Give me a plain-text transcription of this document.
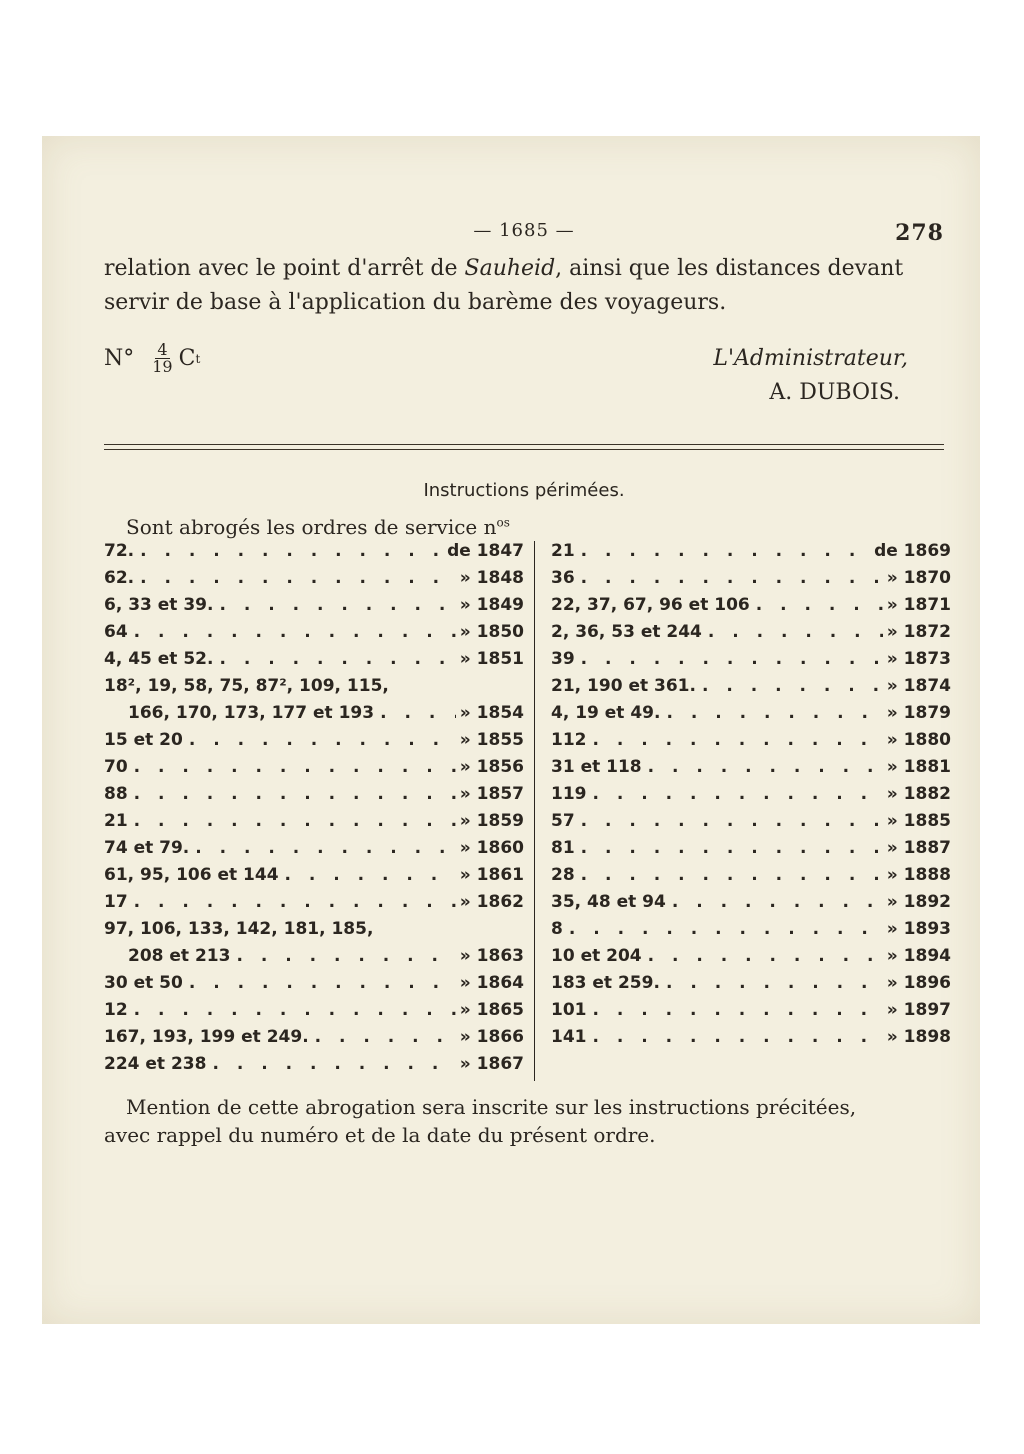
— 1685 —	278

relation avec le point d'arrêt de Sauheid, ainsi que les distances devant servir de base à l'application du barème des voyageurs.

$N^\circ \frac{4}{19}$ C t	L'Administrateur,
A. DUBOIS.
Instructions périmées.
Sont abrogés les ordres de service $n^{os}$
72. . . .	de 1847
62. . . .	» 1848
6, 33 et 39. . . .	» 1849
64 . . .	» 1850
4, 45 et 52. . . .	» 1851
18², 19, 58, 75, 87², 109, 115,
166, 170, 173, 177 et 193 . . .	» 1854
15 et 20 . . .	» 1855
70 . . .	» 1856
88 . . .	» 1857
21 . . .	» 1859
74 et 79. . . .	» 1860
61, 95, 106 et 144 . . .	» 1861
17 . . .	» 1862
97, 106, 133, 142, 181, 185,
208 et 213 . . .	» 1863
30 et 50 . . .	» 1864
12 . . .	» 1865
167, 193, 199 et 249. . . .	» 1866
224 et 238 . . .	» 1867
21 . . .	de 1869
36 . . .	» 1870
22, 37, 67, 96 et 106 . . .	» 1871
2, 36, 53 et 244 . . .	» 1872
39 . . .	» 1873
21, 190 et 361. . . .	» 1874
4, 19 et 49. . . .	» 1879
112 . . .	» 1880
31 et 118 . . .	» 1881
119 . . .	» 1882
57 . . .	» 1885
81 . . .	» 1887
28 . . .	» 1888
35, 48 et 94 . . .	» 1892
8 . . .	» 1893
10 et 204 . . .	» 1894
183 et 259. . . .	» 1896
101 . . .	» 1897
141 . . .	» 1898
Mention de cette abrogation sera inscrite sur les instructions précitées,
avec rappel du numéro et de la date du présent ordre.
